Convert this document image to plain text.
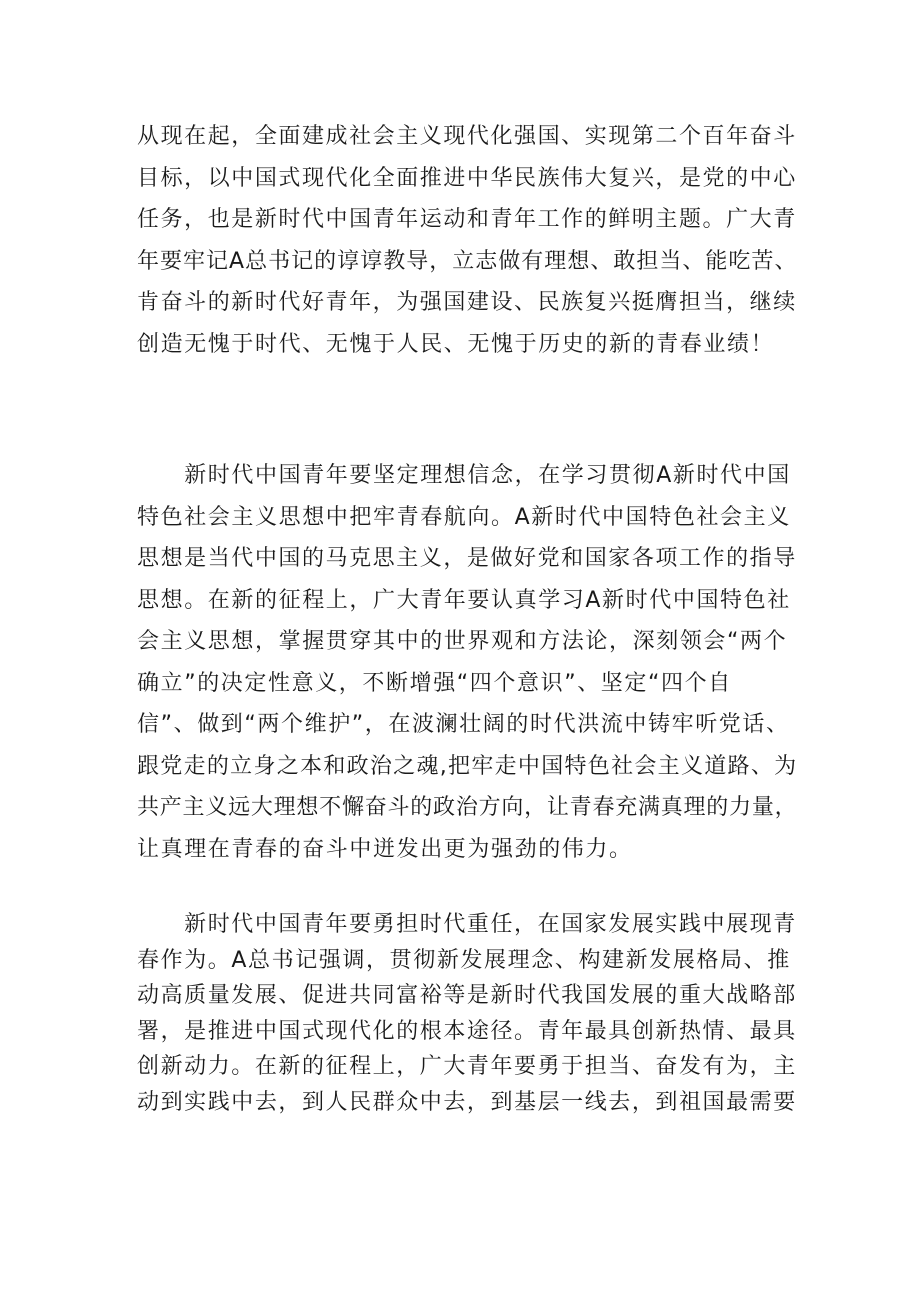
从现在起，全面建成社会主义现代化强国、实现第二个百年奋斗
目标，以中国式现代化全面推进中华民族伟大复兴，是党的中心
任务，也是新时代中国青年运动和青年工作的鲜明主题。广大青
年要牢记A总书记的谆谆教导，立志做有理想、敢担当、能吃苦、
肯奋斗的新时代好青年，为强国建设、民族复兴挺膺担当，继续
创造无愧于时代、无愧于人民、无愧于历史的新的青春业绩！
　　新时代中国青年要坚定理想信念，在学习贯彻A新时代中国
特色社会主义思想中把牢青春航向。A新时代中国特色社会主义
思想是当代中国的马克思主义，是做好党和国家各项工作的指导
思想。在新的征程上，广大青年要认真学习A新时代中国特色社
会主义思想，掌握贯穿其中的世界观和方法论，深刻领会“两个
确立”的决定性意义，不断增强“四个意识”、坚定“四个自
信”、做到“两个维护”，在波澜壮阔的时代洪流中铸牢听党话、
跟党走的立身之本和政治之魂,把牢走中国特色社会主义道路、为
共产主义远大理想不懈奋斗的政治方向，让青春充满真理的力量，
让真理在青春的奋斗中迸发出更为强劲的伟力。
　　新时代中国青年要勇担时代重任，在国家发展实践中展现青
春作为。A总书记强调，贯彻新发展理念、构建新发展格局、推
动高质量发展、促进共同富裕等是新时代我国发展的重大战略部
署，是推进中国式现代化的根本途径。青年最具创新热情、最具
创新动力。在新的征程上，广大青年要勇于担当、奋发有为，主
动到实践中去，到人民群众中去，到基层一线去，到祖国最需要
